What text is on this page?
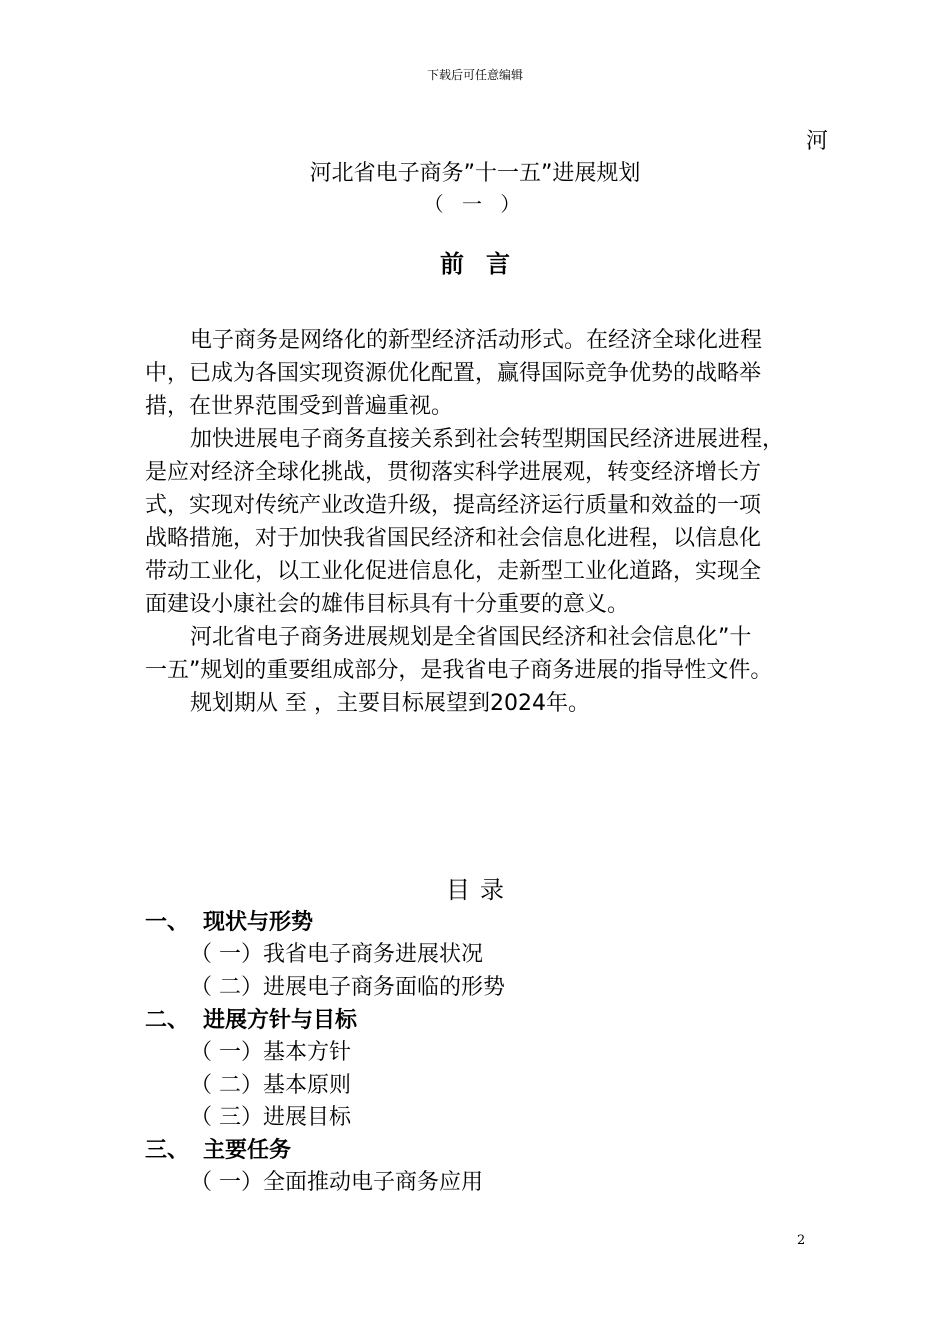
下载后可任意编辑
河
河北省电子商务”十一五”进展规划
（ 一 ）
前言
电子商务是网络化的新型经济活动形式。在经济全球化进程
中，已成为各国实现资源优化配置，赢得国际竞争优势的战略举
措，在世界范围受到普遍重视。
加快进展电子商务直接关系到社会转型期国民经济进展进程，
是应对经济全球化挑战，贯彻落实科学进展观，转变经济增长方
式，实现对传统产业改造升级，提高经济运行质量和效益的一项
战略措施，对于加快我省国民经济和社会信息化进程，以信息化
带动工业化，以工业化促进信息化，走新型工业化道路，实现全
面建设小康社会的雄伟目标具有十分重要的意义。
河北省电子商务进展规划是全省国民经济和社会信息化”十
一五”规划的重要组成部分，是我省电子商务进展的指导性文件。
规划期从 至 ，主要目标展望到2024年。
目录
一、 现状与形势
（ 一）我省电子商务进展状况
（ 二）进展电子商务面临的形势
二、 进展方针与目标
（ 一）基本方针
（ 二）基本原则
（ 三）进展目标
三、 主要任务
（ 一）全面推动电子商务应用
2
